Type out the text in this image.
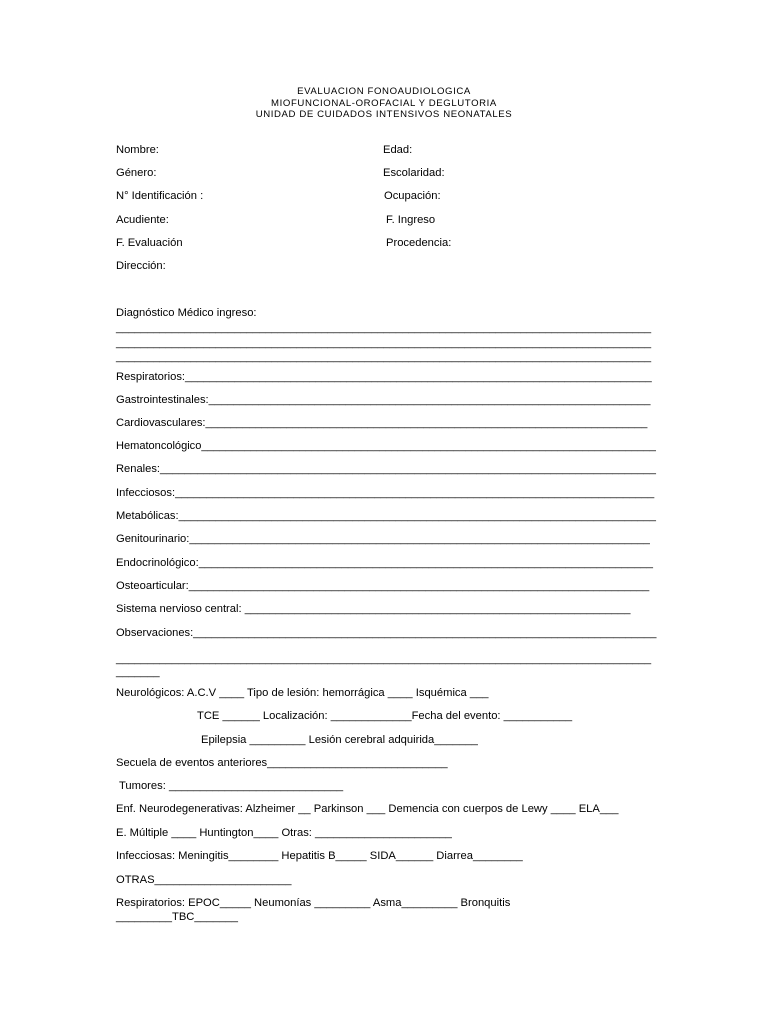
EVALUACION FONOAUDIOLOGICA
MIOFUNCIONAL-OROFACIAL Y DEGLUTORIA
UNIDAD DE CUIDADOS INTENSIVOS NEONATALES
Nombre:	Edad:
Género:	Escolaridad:
N° Identificación :	Ocupación:
Acudiente:	F. Ingreso
F. Evaluación	Procedencia:
Dirección:
Diagnóstico Médico ingreso:
______________________________________________________________________________________
______________________________________________________________________________________
______________________________________________________________________________________
Respiratorios:___________________________________________________________________________
Gastrointestinales:_______________________________________________________________________
Cardiovasculares:_______________________________________________________________________
Hematoncológico__________________________________________________________________________
Renales:________________________________________________________________________________
Infecciosos:_____________________________________________________________________________
Metabólicas:_____________________________________________________________________________
Genitourinario:__________________________________________________________________________
Endocrinológico:_________________________________________________________________________
Osteoarticular:__________________________________________________________________________
Sistema nervioso central: ______________________________________________________________
Observaciones:___________________________________________________________________________
______________________________________________________________________________________
_______
Neurológicos: A.C.V ____ Tipo de lesión: hemorrágica ____ Isquémica ___
TCE ______ Localización: _____________Fecha del evento: ___________
Epilepsia _________ Lesión cerebral adquirida_______
Secuela de eventos anteriores_____________________________
Tumores: ____________________________
Enf. Neurodegenerativas: Alzheimer __ Parkinson ___ Demencia con cuerpos de Lewy ____ ELA___
E. Múltiple ____ Huntington____ Otras: ______________________
Infecciosas: Meningitis________ Hepatitis B_____ SIDA______ Diarrea________
OTRAS______________________
Respiratorios: EPOC_____ Neumonías _________ Asma_________ Bronquitis
_________TBC_______
